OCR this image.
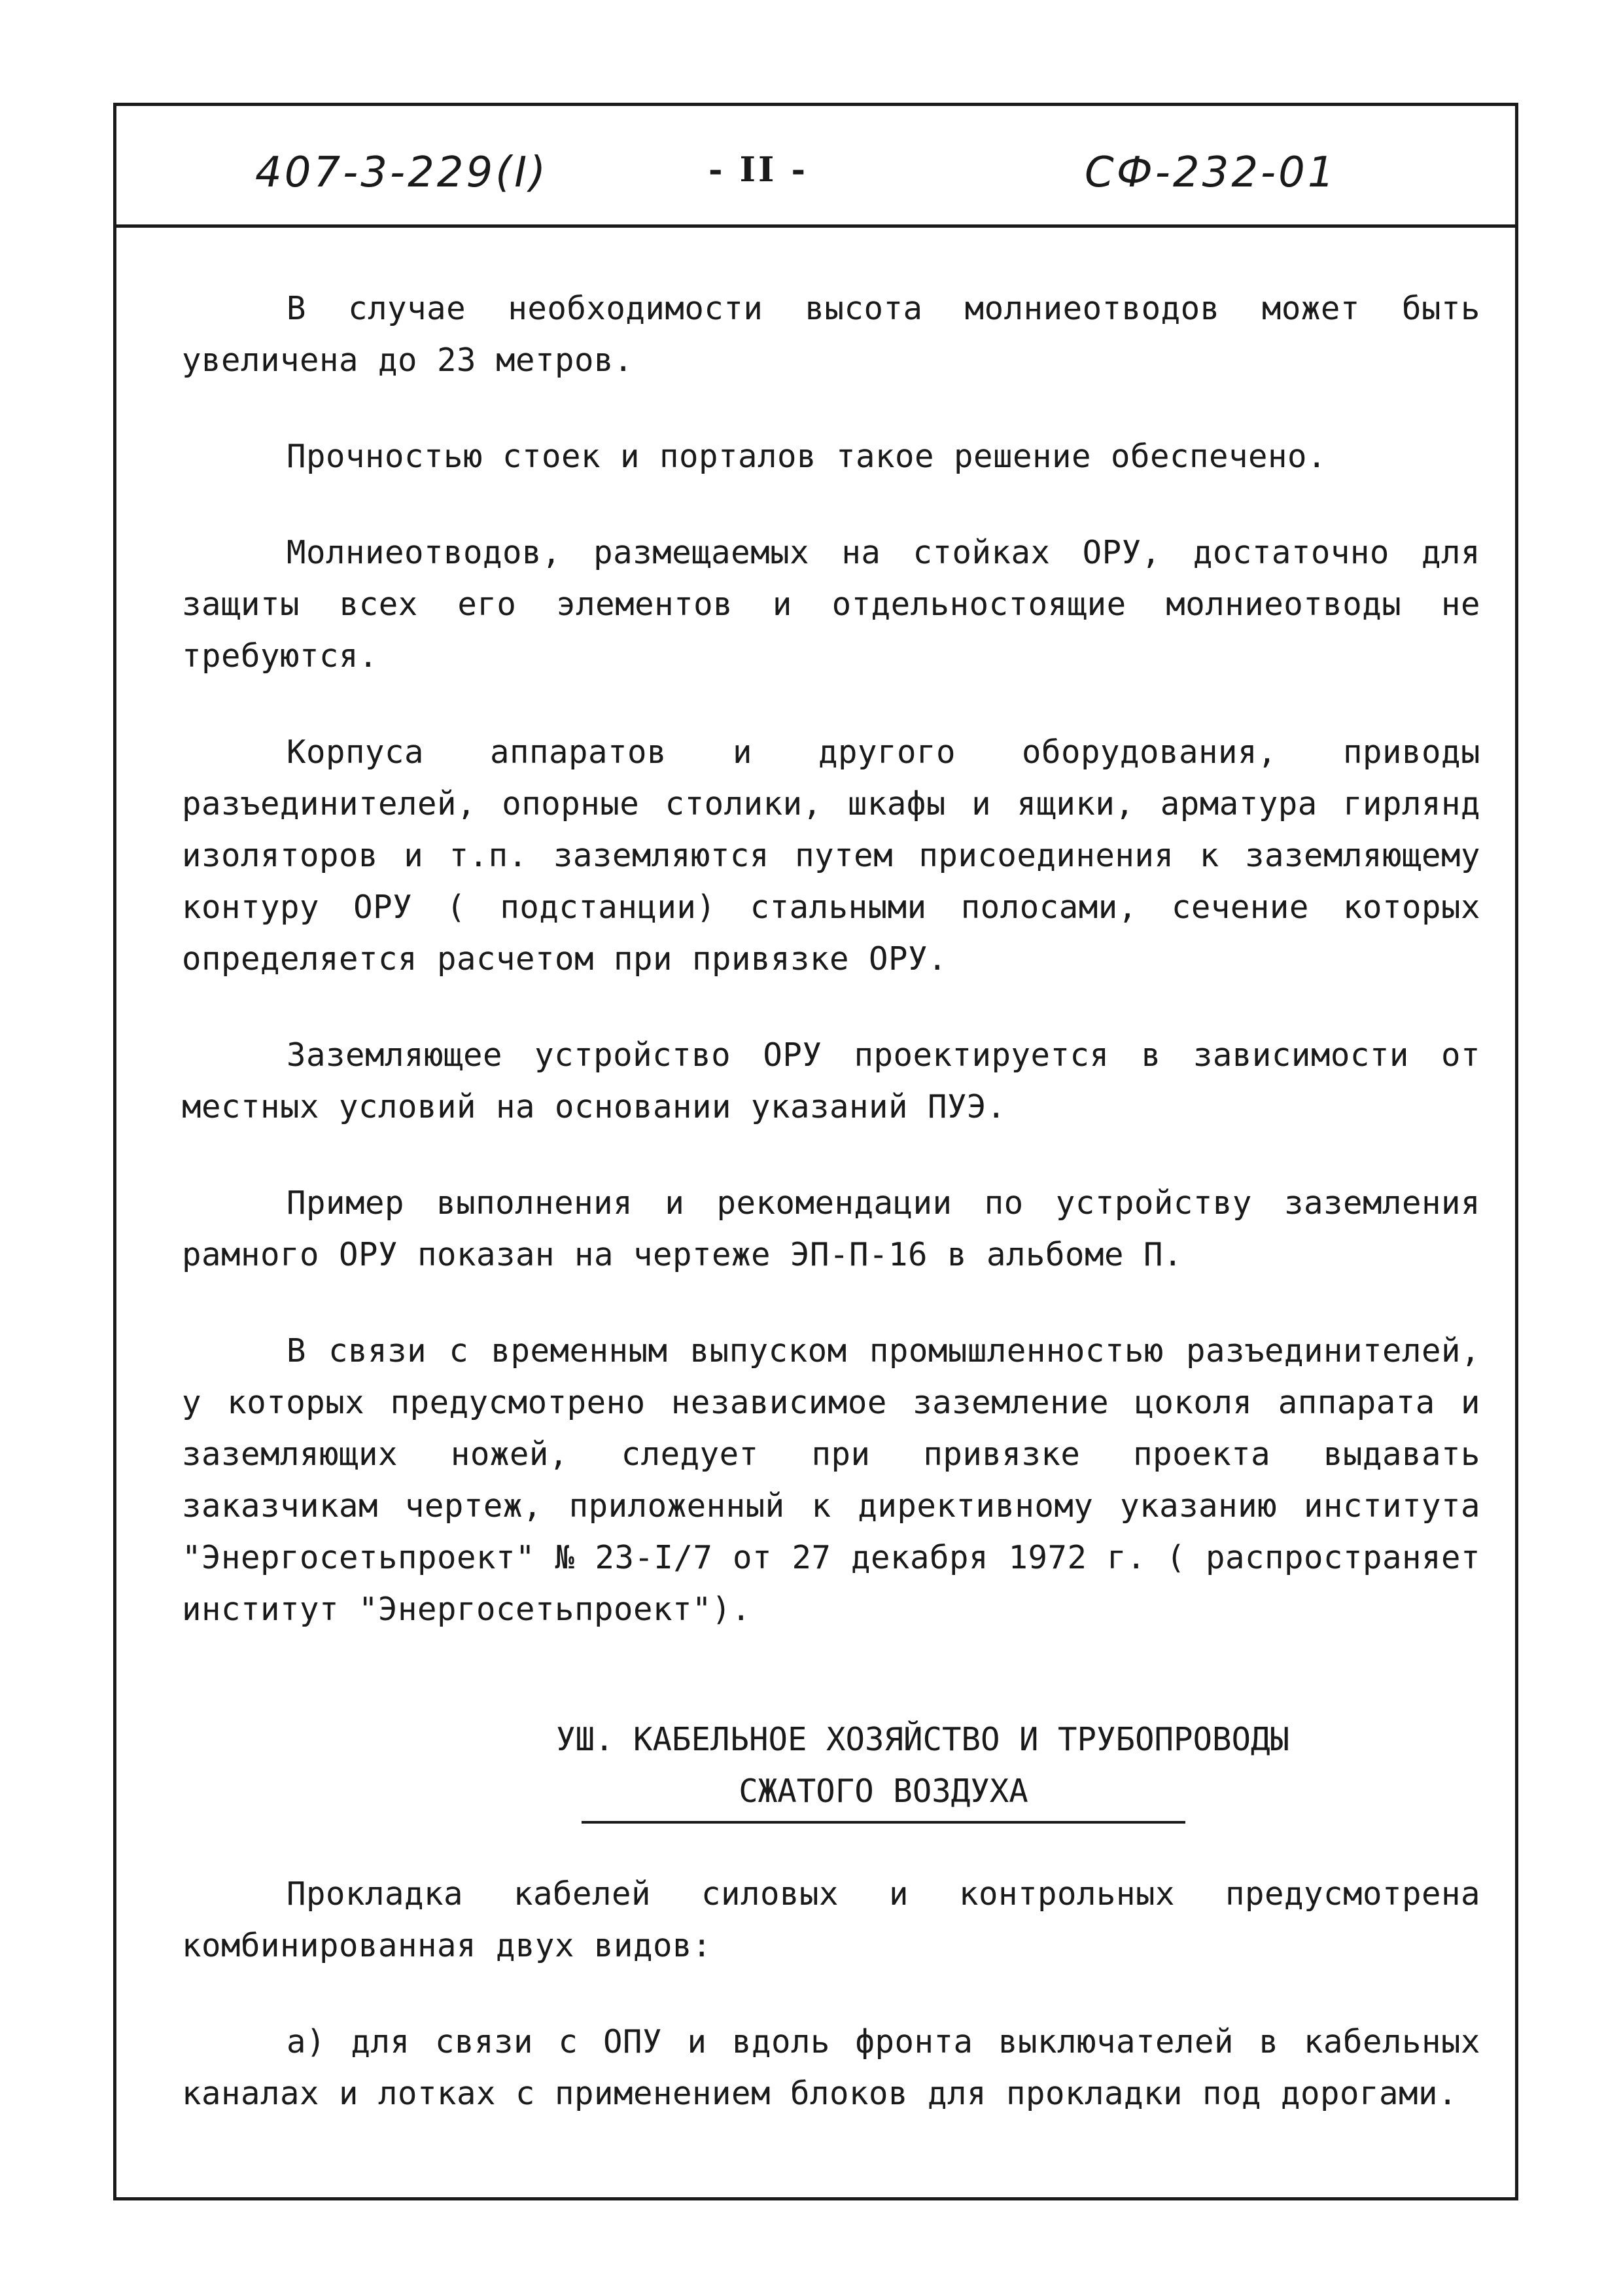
407-3-229(I)	- II -	СФ-232-01

В случае необходимости высота молниеотводов может быть увеличена до 23 метров.

Прочностью стоек и порталов такое решение обеспечено.

Молниеотводов, размещаемых на стойках ОРУ, достаточно для защиты всех его элементов и отдельностоящие молниеотводы не требуются.

Корпуса аппаратов и другого оборудования, приводы разъединителей, опорные столики, шкафы и ящики, арматура гирлянд изоляторов и т.п. заземляются путем присоединения к заземляющему контуру ОРУ ( подстанции) стальными полосами, сечение которых определяется расчетом при привязке ОРУ.

Заземляющее устройство ОРУ проектируется в зависимости от местных условий на основании указаний ПУЭ.

Пример выполнения и рекомендации по устройству заземления рамного ОРУ показан на чертеже ЭП-П-16 в альбоме П.

В связи с временным выпуском промышленностью разъединителей, у которых предусмотрено независимое заземление цоколя аппарата и заземляющих ножей, следует при привязке проекта выдавать заказчикам чертеж, приложенный к директивному указанию института "Энергосетьпроект" № 23-I/7 от 27 декабря 1972 г. ( распространяет институт "Энергосетьпроект").

УШ. КАБЕЛЬНОЕ ХОЗЯЙСТВО И ТРУБОПРОВОДЫ
СЖАТОГО ВОЗДУХА

Прокладка кабелей силовых и контрольных предусмотрена комбинированная двух видов:

а) для связи с ОПУ и вдоль фронта выключателей в кабельных каналах и лотках с применением блоков для прокладки под дорогами.
